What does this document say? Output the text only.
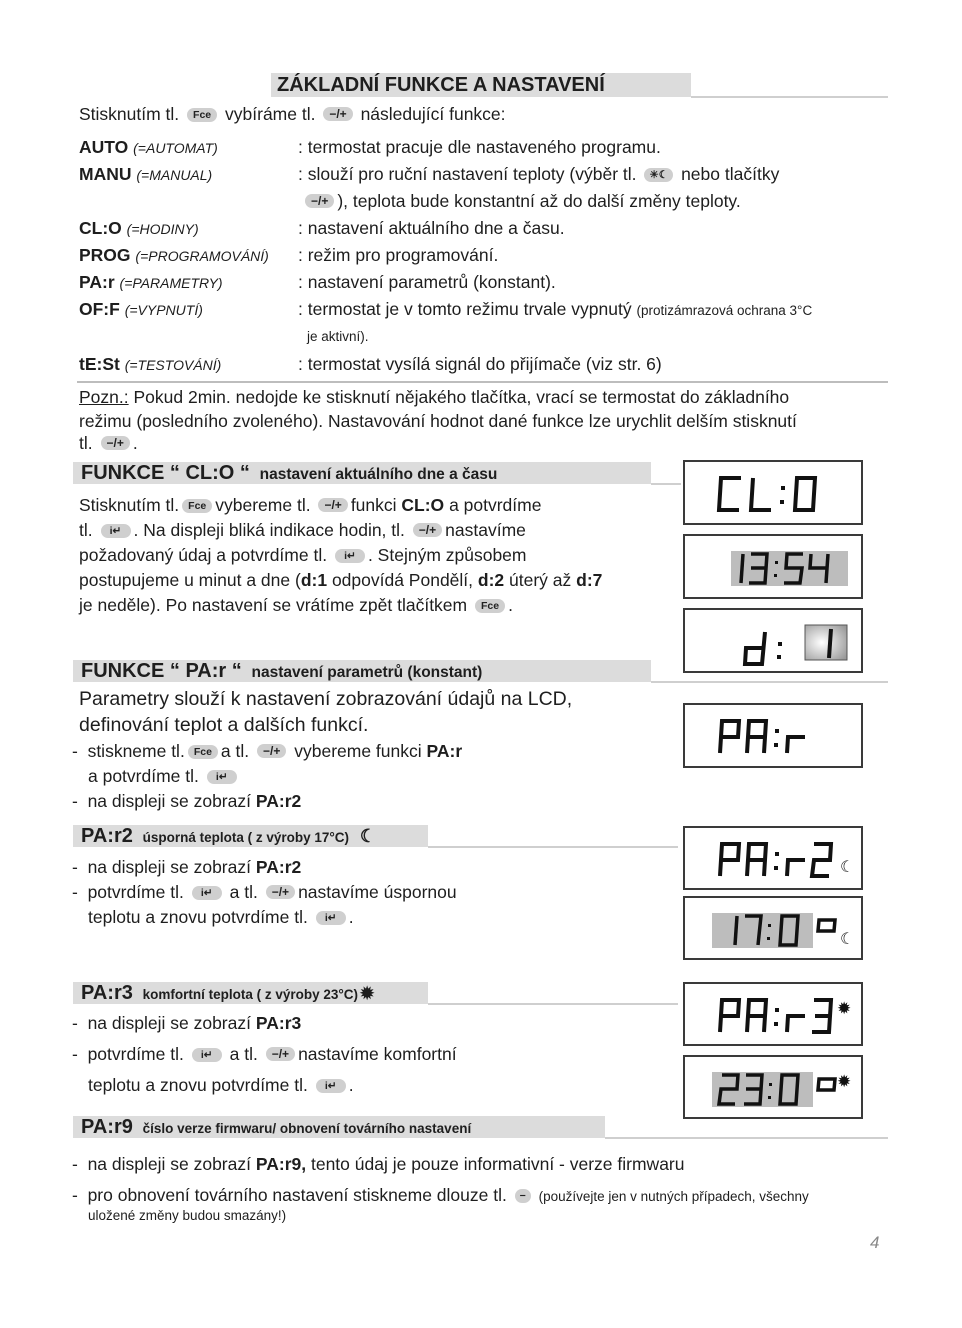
ZÁKLADNÍ FUNKCE A NASTAVENÍ
Stisknutím tl. Fce vybíráme tl. −/+ následující funkce:
AUTO (=AUTOMAT)	: termostat pracuje dle nastaveného programu.
MANU (=MANUAL)	: slouží pro ruční nastavení teploty (výběr tl. ☀☾ nebo tlačítky
−/+ ), teplota bude konstantní až do další změny teploty.
CL:O (=HODINY)	: nastavení aktuálního dne a času.
PROG (=PROGRAMOVÁNÍ) : režim pro programování.
PA:r (=PARAMETRY)	: nastavení parametrů (konstant).
OF:F (=VYPNUTÍ)	: termostat je v tomto režimu trvale vypnutý (protizámrazová ochrana 3°C
je aktivní).
tE:St (=TESTOVÁNÍ)	: termostat vysílá signál do přijímače (viz str. 6)
Pozn.: Pokud 2min. nedojde ke stisknutí nějakého tlačítka, vrací se termostat do základního
režimu (posledního zvoleného). Nastavování hodnot dané funkce lze urychlit delším stisknutí
tl. −/+ .
FUNKCE “ CL:O “ nastavení aktuálního dne a času
Stisknutím tl. Fce vybereme tl. −/+ funkci CL:O a potvrdíme
tl. i↵ . Na displeji bliká indikace hodin, tl. −/+ nastavíme
požadovaný údaj a potvrdíme tl. i↵ . Stejným způsobem
postupujeme u minut a dne (d:1 odpovídá Pondělí, d:2 úterý až d:7
je neděle). Po nastavení se vrátíme zpět tlačítkem Fce .
FUNKCE “ PA:r “ nastavení parametrů (konstant)
Parametry slouží k nastavení zobrazování údajů na LCD,
definování teplot a dalších funkcí.
-  stiskneme tl. Fce a tl. −/+ vybereme funkci PA:r
a potvrdíme tl. i↵
-  na displeji se zobrazí PA:r2
PA:r2 úsporná teplota ( z výroby 17°C) ☾
-  na displeji se zobrazí PA:r2
-  potvrdíme tl. i↵ a tl. −/+ nastavíme úspornou
teplotu a znovu potvrdíme tl. i↵ .
☾
☾
PA:r3 komfortní teplota ( z výroby 23°C) ✹
-  na displeji se zobrazí PA:r3
-  potvrdíme tl. i↵ a tl. −/+ nastavíme komfortní
teplotu a znovu potvrdíme tl. i↵ .
✹
✹
PA:r9 číslo verze firmwaru/ obnovení továrního nastavení
-  na displeji se zobrazí PA:r9, tento údaj je pouze informativní - verze firmwaru
-  pro obnovení továrního nastavení stiskneme dlouze tl. − (používejte jen v nutných případech, všechny
uložené změny budou smazány!)
4
